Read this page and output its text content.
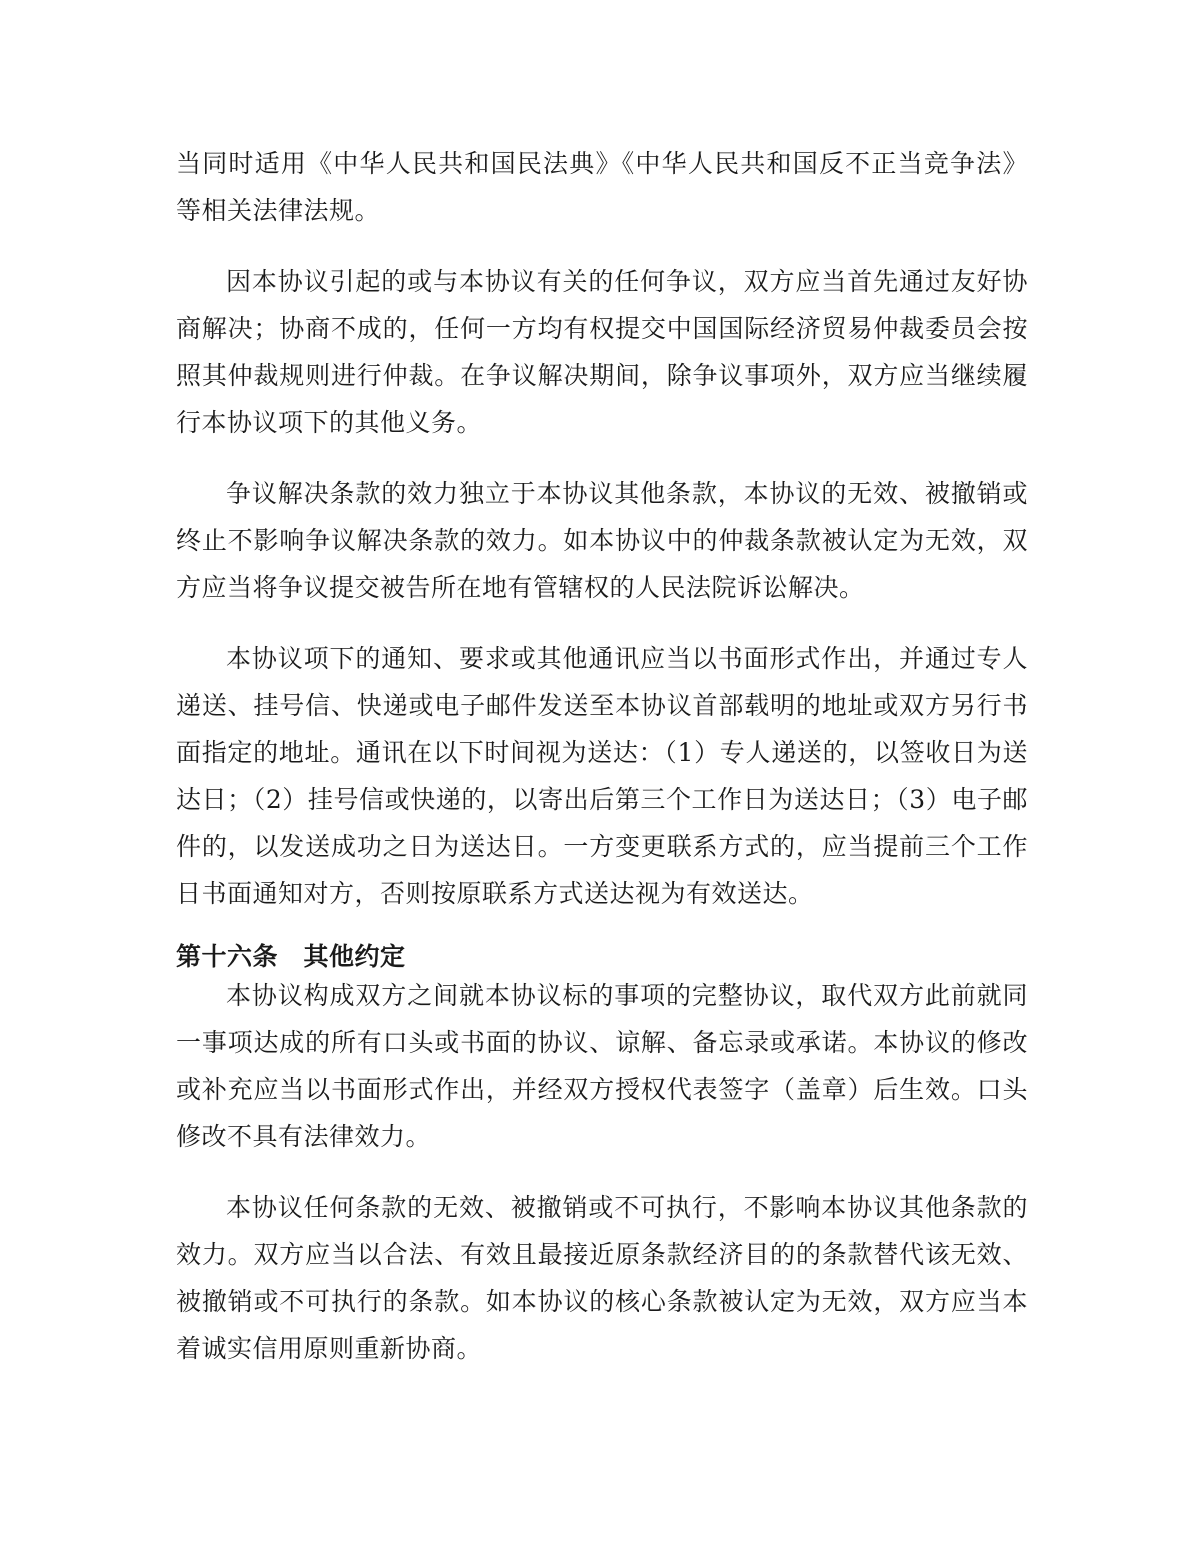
当同时适用《中华人民共和国民法典》《中华人民共和国反不正当竞争法》等相关法律法规。

因本协议引起的或与本协议有关的任何争议，双方应当首先通过友好协商解决；协商不成的，任何一方均有权提交中国国际经济贸易仲裁委员会按照其仲裁规则进行仲裁。在争议解决期间，除争议事项外，双方应当继续履行本协议项下的其他义务。

争议解决条款的效力独立于本协议其他条款，本协议的无效、被撤销或终止不影响争议解决条款的效力。如本协议中的仲裁条款被认定为无效，双方应当将争议提交被告所在地有管辖权的人民法院诉讼解决。

本协议项下的通知、要求或其他通讯应当以书面形式作出，并通过专人递送、挂号信、快递或电子邮件发送至本协议首部载明的地址或双方另行书面指定的地址。通讯在以下时间视为送达：（1）专人递送的，以签收日为送达日；（2）挂号信或快递的，以寄出后第三个工作日为送达日；（3）电子邮件的，以发送成功之日为送达日。一方变更联系方式的，应当提前三个工作日书面通知对方，否则按原联系方式送达视为有效送达。

第十六条　其他约定

本协议构成双方之间就本协议标的事项的完整协议，取代双方此前就同一事项达成的所有口头或书面的协议、谅解、备忘录或承诺。本协议的修改或补充应当以书面形式作出，并经双方授权代表签字（盖章）后生效。口头修改不具有法律效力。

本协议任何条款的无效、被撤销或不可执行，不影响本协议其他条款的效力。双方应当以合法、有效且最接近原条款经济目的的条款替代该无效、被撤销或不可执行的条款。如本协议的核心条款被认定为无效，双方应当本着诚实信用原则重新协商。
